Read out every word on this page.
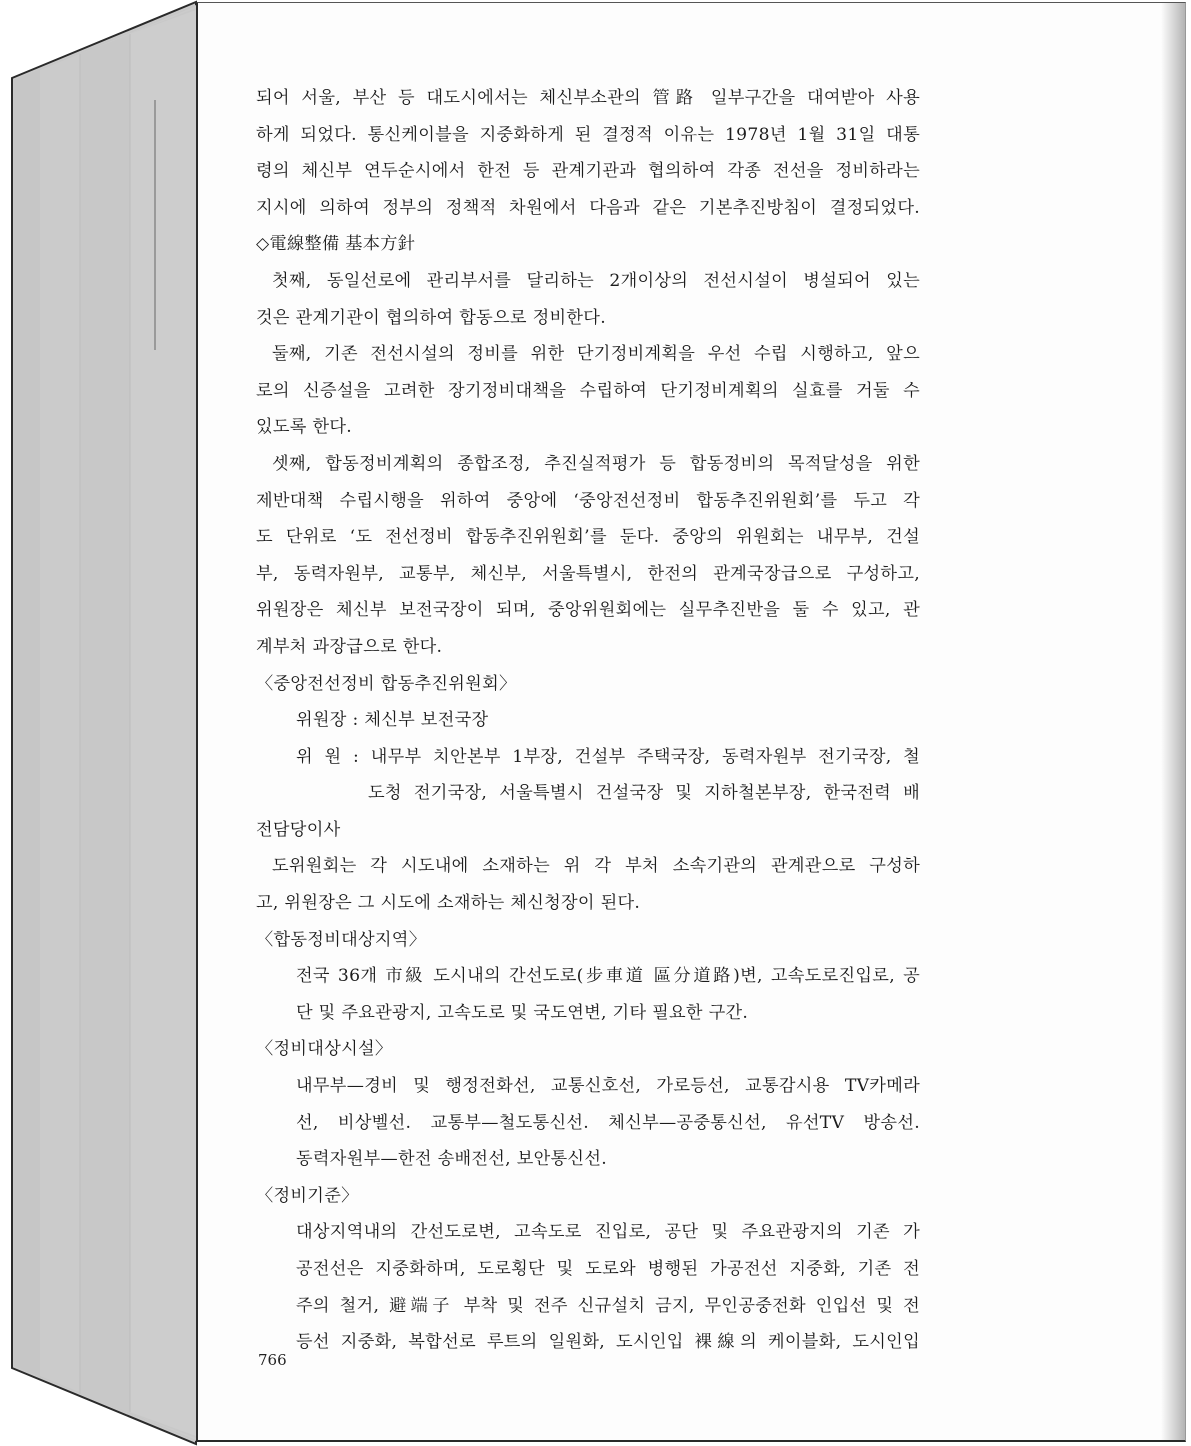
되어 서울, 부산 등 대도시에서는 체신부소관의 管路 일부구간을 대여받아 사용
하게 되었다. 통신케이블을 지중화하게 된 결정적 이유는 1978년 1월 31일 대통
령의 체신부 연두순시에서 한전 등 관계기관과 협의하여 각종 전선을 정비하라는
지시에 의하여 정부의 정책적 차원에서 다음과 같은 기본추진방침이 결정되었다.
◇電線整備 基本方針
첫째, 동일선로에 관리부서를 달리하는 2개이상의 전선시설이 병설되어 있는
것은 관계기관이 협의하여 합동으로 정비한다.
둘째, 기존 전선시설의 정비를 위한 단기정비계획을 우선 수립 시행하고, 앞으
로의 신증설을 고려한 장기정비대책을 수립하여 단기정비계획의 실효를 거둘 수
있도록 한다.
셋째, 합동정비계획의 종합조정, 추진실적평가 등 합동정비의 목적달성을 위한
제반대책 수립시행을 위하여 중앙에 ‘중앙전선정비 합동추진위원회’를 두고 각
도 단위로 ‘도 전선정비 합동추진위원회’를 둔다. 중앙의 위원회는 내무부, 건설
부, 동력자원부, 교통부, 체신부, 서울특별시, 한전의 관계국장급으로 구성하고,
위원장은 체신부 보전국장이 되며, 중앙위원회에는 실무추진반을 둘 수 있고, 관
계부처 과장급으로 한다.
〈중앙전선정비 합동추진위원회〉
위원장 : 체신부 보전국장
위 원 : 내무부 치안본부 1부장, 건설부 주택국장, 동력자원부 전기국장, 철
도청 전기국장, 서울특별시 건설국장 및 지하철본부장, 한국전력 배
전담당이사
도위원회는 각 시도내에 소재하는 위 각 부처 소속기관의 관계관으로 구성하
고, 위원장은 그 시도에 소재하는 체신청장이 된다.
〈합동정비대상지역〉
전국 36개 市級 도시내의 간선도로(步車道 區分道路)변, 고속도로진입로, 공
단 및 주요관광지, 고속도로 및 국도연변, 기타 필요한 구간.
〈정비대상시설〉
내무부—경비 및 행정전화선, 교통신호선, 가로등선, 교통감시용 TV카메라
선, 비상벨선. 교통부—철도통신선. 체신부—공중통신선, 유선TV 방송선.
동력자원부—한전 송배전선, 보안통신선.
〈정비기준〉
대상지역내의 간선도로변, 고속도로 진입로, 공단 및 주요관광지의 기존 가
공전선은 지중화하며, 도로횡단 및 도로와 병행된 가공전선 지중화, 기존 전
주의 철거, 避端子 부착 및 전주 신규설치 금지, 무인공중전화 인입선 및 전
등선 지중화, 복합선로 루트의 일원화, 도시인입 裸線의 케이블화, 도시인입
766
